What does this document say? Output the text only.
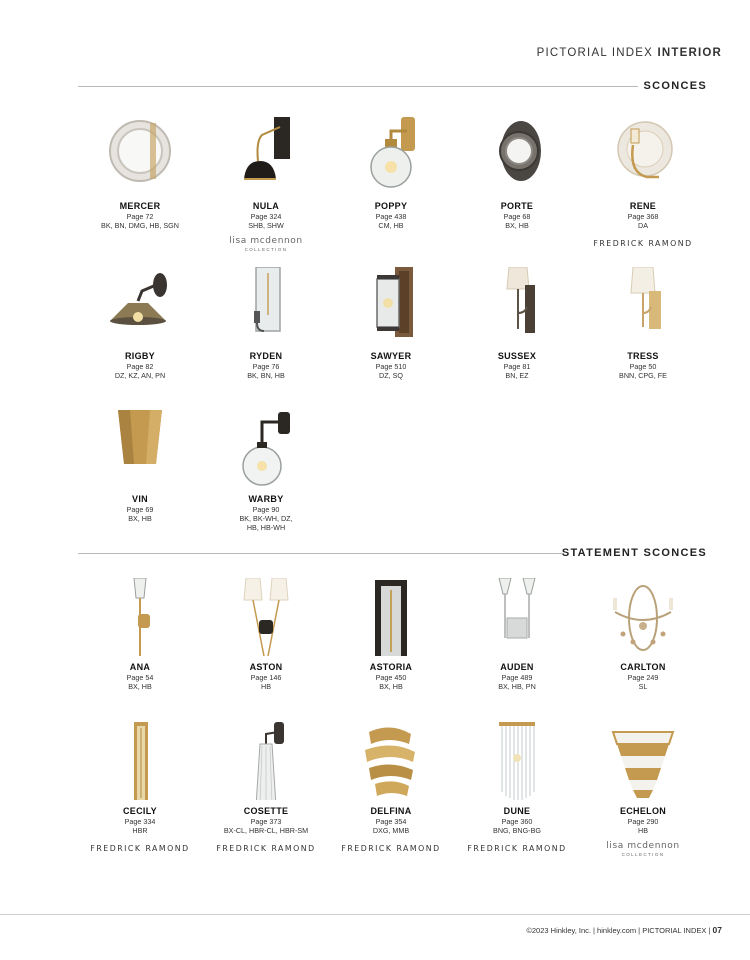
PICTORIAL INDEX INTERIOR
SCONCES
STATEMENT SCONCES
MERCER
Page 72
BK, BN, DMG, HB, SGN
NULA
Page 324
SHB, SHW
lisa mcdennon
COLLECTION
POPPY
Page 438
CM, HB
PORTE
Page 68
BX, HB
RENE
Page 368
DA
FREDRICK RAMOND
RIGBY
Page 82
DZ, KZ, AN, PN
RYDEN
Page 76
BK, BN, HB
SAWYER
Page 510
DZ, SQ
SUSSEX
Page 81
BN, EZ
TRESS
Page 50
BNN, CPG, FE
VIN
Page 69
BX, HB
WARBY
Page 90
BK, BK-WH, DZ,
HB, HB-WH
ANA
Page 54
BX, HB
ASTON
Page 146
HB
ASTORIA
Page 450
BX, HB
AUDEN
Page 489
BX, HB, PN
CARLTON
Page 249
SL
CECILY
Page 334
HBR
FREDRICK RAMOND
COSETTE
Page 373
BX-CL, HBR-CL, HBR-SM
FREDRICK RAMOND
DELFINA
Page 354
DXG, MMB
FREDRICK RAMOND
DUNE
Page 360
BNG, BNG-BG
FREDRICK RAMOND
ECHELON
Page 290
HB
lisa mcdennon
COLLECTION
©2023 Hinkley, Inc. | hinkley.com | PICTORIAL INDEX | 07
